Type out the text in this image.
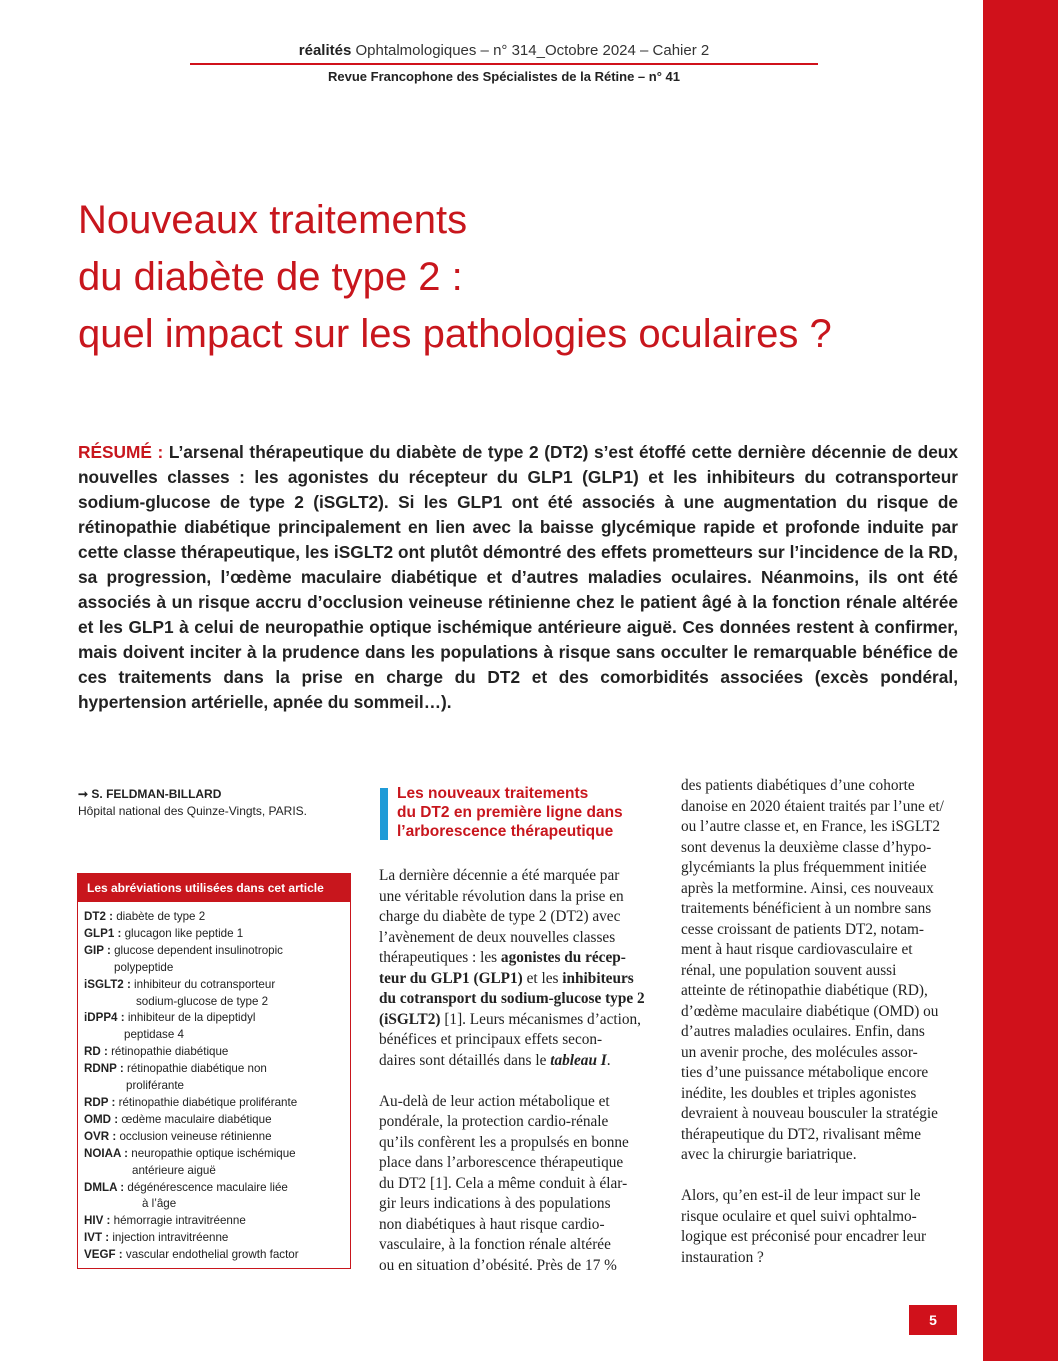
réalités Ophtalmologiques – n° 314_Octobre 2024 – Cahier 2
Revue Francophone des Spécialistes de la Rétine – n° 41
Nouveaux traitements
du diabète de type 2 :
quel impact sur les pathologies oculaires ?
RÉSUMÉ : L’arsenal thérapeutique du diabète de type 2 (DT2) s’est étoffé cette dernière décennie de deux nouvelles classes : les agonistes du récepteur du GLP1 (GLP1) et les inhibiteurs du cotransporteur sodium-glucose de type 2 (iSGLT2). Si les GLP1 ont été associés à une augmentation du risque de rétinopathie diabétique principalement en lien avec la baisse glycémique rapide et profonde induite par cette classe thérapeutique, les iSGLT2 ont plutôt démontré des effets prometteurs sur l’incidence de la RD, sa progression, l’œdème maculaire diabétique et d’autres maladies oculaires. Néanmoins, ils ont été associés à un risque accru d’occlusion veineuse rétinienne chez le patient âgé à la fonction rénale altérée et les GLP1 à celui de neuropathie optique ischémique antérieure aiguë. Ces données restent à confirmer, mais doivent inciter à la prudence dans les populations à risque sans occulter le remarquable bénéfice de ces traitements dans la prise en charge du DT2 et des comorbidités associées (excès pondéral, hypertension artérielle, apnée du sommeil…).
➞ S. FELDMAN-BILLARD
Hôpital national des Quinze-Vingts, PARIS.
Les abréviations utilisées dans cet article
DT2 : diabète de type 2
GLP1 : glucagon like peptide 1
GIP : glucose dependent insulinotropic
polypeptide
iSGLT2 : inhibiteur du cotransporteur
sodium-glucose de type 2
iDPP4 : inhibiteur de la dipeptidyl
peptidase 4
RD : rétinopathie diabétique
RDNP : rétinopathie diabétique non
proliférante
RDP : rétinopathie diabétique proliférante
OMD : œdème maculaire diabétique
OVR : occlusion veineuse rétinienne
NOIAA : neuropathie optique ischémique
antérieure aiguë
DMLA : dégénérescence maculaire liée
à l’âge
HIV : hémorragie intravitréenne
IVT : injection intravitréenne
VEGF : vascular endothelial growth factor
Les nouveaux traitements
du DT2 en première ligne dans
l’arborescence thérapeutique
La dernière décennie a été marquée par
une véritable révolution dans la prise en
charge du diabète de type 2 (DT2) avec
l’avènement de deux nouvelles classes
thérapeutiques : les agonistes du récep-
teur du GLP1 (GLP1) et les inhibiteurs
du cotransport du sodium-glucose type 2
(iSGLT2) [1]. Leurs mécanismes d’action,
bénéfices et principaux effets secon-
daires sont détaillés dans le tableau I.
Au-delà de leur action métabolique et
pondérale, la protection cardio-rénale
qu’ils confèrent les a propulsés en bonne
place dans l’arborescence thérapeutique
du DT2 [1]. Cela a même conduit à élar-
gir leurs indications à des populations
non diabétiques à haut risque cardio-
vasculaire, à la fonction rénale altérée
ou en situation d’obésité. Près de 17 %
des patients diabétiques d’une cohorte
danoise en 2020 étaient traités par l’une et/
ou l’autre classe et, en France, les iSGLT2
sont devenus la deuxième classe d’hypo-
glycémiants la plus fréquemment initiée
après la metformine. Ainsi, ces nouveaux
traitements bénéficient à un nombre sans
cesse croissant de patients DT2, notam-
ment à haut risque cardiovasculaire et
rénal, une population souvent aussi
atteinte de rétinopathie diabétique (RD),
d’œdème maculaire diabétique (OMD) ou
d’autres maladies oculaires. Enfin, dans
un avenir proche, des molécules assor-
ties d’une puissance métabolique encore
inédite, les doubles et triples agonistes
devraient à nouveau bousculer la stratégie
thérapeutique du DT2, rivalisant même
avec la chirurgie bariatrique.
Alors, qu’en est-il de leur impact sur le
risque oculaire et quel suivi ophtalmo-
logique est préconisé pour encadrer leur
instauration ?
5
